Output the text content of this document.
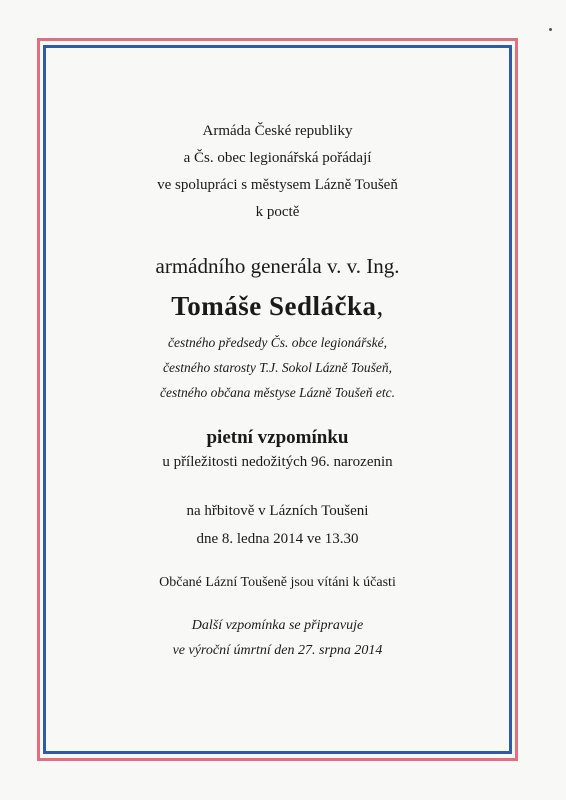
Armáda České republiky
a Čs. obec legionářská pořádají
ve spolupráci s městysem Lázně Toušeň
k poctě
armádního generála v. v. Ing.
Tomáše Sedláčka,
čestného předsedy Čs. obce legionářské,
čestného starosty T.J. Sokol Lázně Toušeň,
čestného občana městyse Lázně Toušeň etc.
pietní vzpomínku
u příležitosti nedožitých 96. narozenin
na hřbitově v Lázních Toušeni
dne 8. ledna 2014 ve 13.30
Občané Lázní Toušeně jsou vítáni k účasti
Další vzpomínka se připravuje
ve výroční úmrtní den 27. srpna 2014
